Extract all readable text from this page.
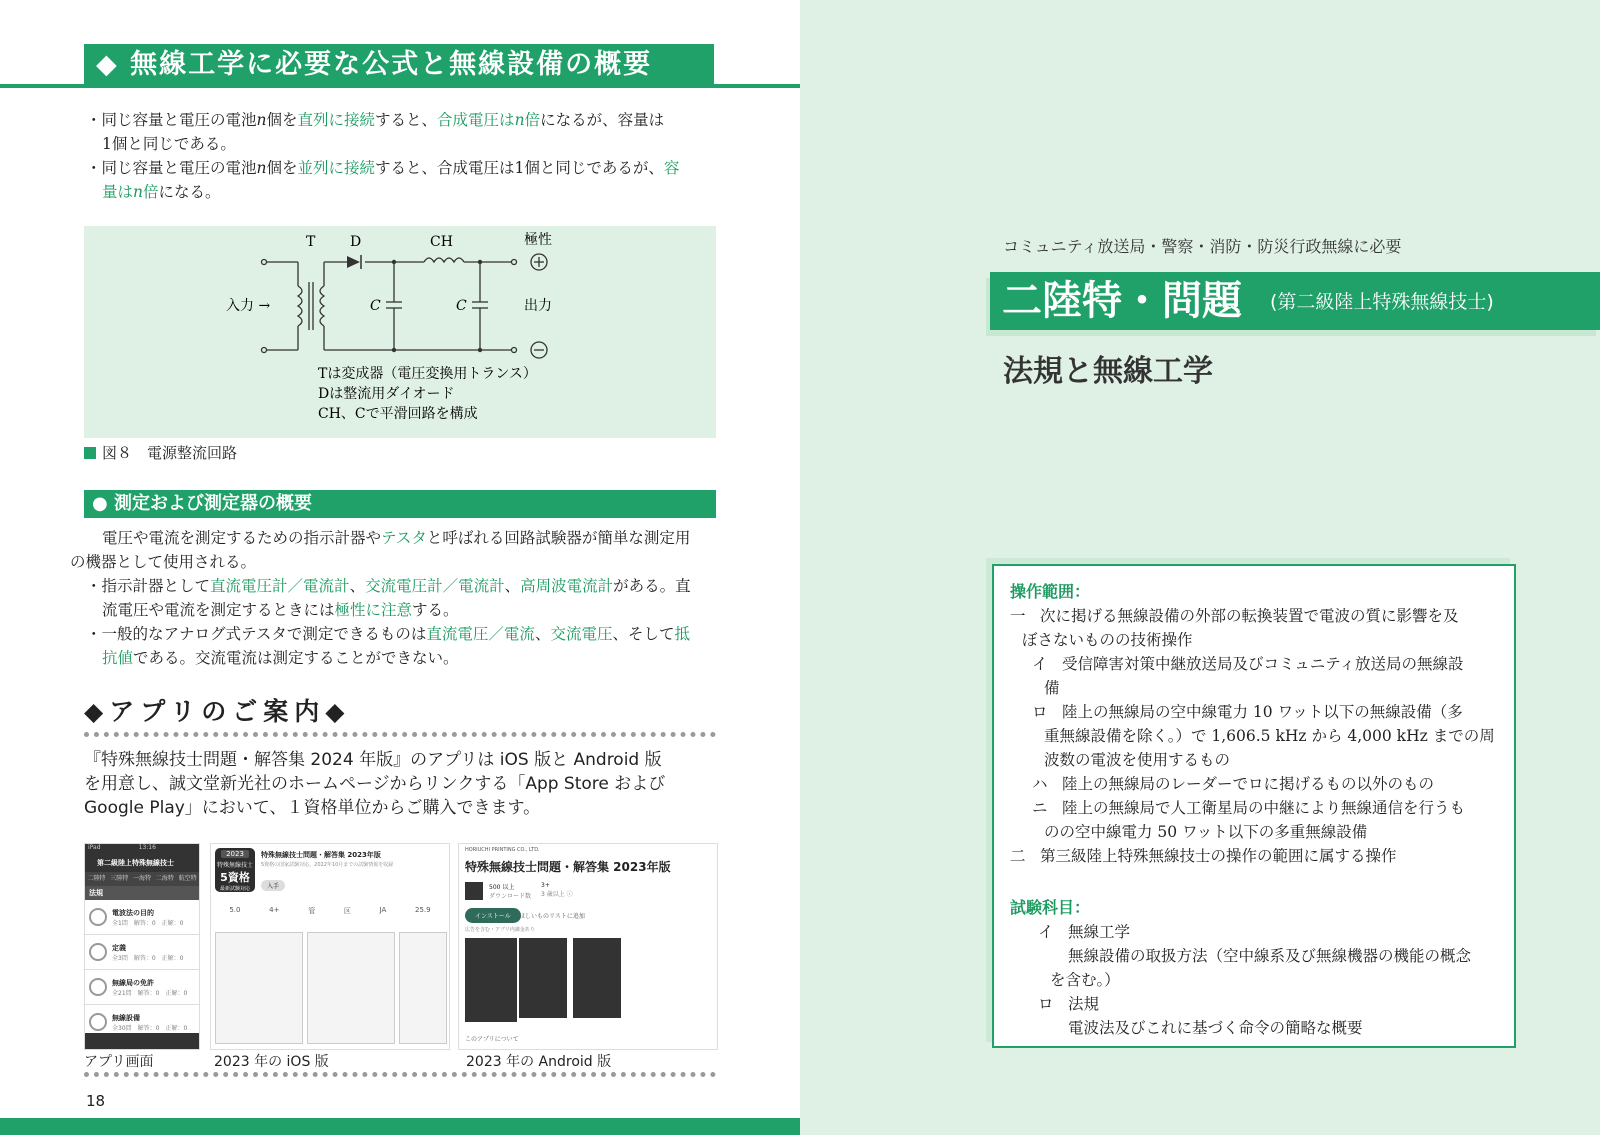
◆ 無線工学に必要な公式と無線設備の概要

・同じ容量と電圧の電池n個を直列に接続すると、合成電圧はn倍になるが、容量は
1個と同じである。

・同じ容量と電圧の電池n個を並列に接続すると、合成電圧は1個と同じであるが、容
量はn倍になる。

T D	CH	極性
入力 →	C	C	出力
Tは変成器（電圧変換用トランス）
Dは整流用ダイオード
CH、Cで平滑回路を構成
図８　電源整流回路
● 測定および測定器の概要

電圧や電流を測定するための指示計器やテスタと呼ばれる回路試験器が簡単な測定用
の機器として使用される。

・指示計器として直流電圧計／電流計、交流電圧計／電流計、高周波電流計がある。直
流電圧や電流を測定するときには極性に注意する。

・一般的なアナログ式テスタで測定できるものは直流電圧／電流、交流電圧、そして抵
抗値である。交流電流は測定することができない。

◆アプリのご案内◆

『特殊無線技士問題・解答集 2024 年版』のアプリは iOS 版と Android 版

を用意し、誠文堂新光社のホームページからリンクする「App Store および

Google Play」において、１資格単位からご購入できます。

iPad	13:16

第二級陸上特殊無線技士
二陸特 三陸特 一海特 二海特 航空特
法規
電波法の目的
全1問　解答：0　正解：0
定義
全3問　解答：0　正解：0
無線局の免許
全21問　解答：0　正解：0
無線設備
全30問　解答：0　正解：0
2023
特殊無線技士
5資格
最新試験対応
特殊無線技士問題・解答集 2023年版
5資格の国家試験対応。2022年10月までの試験情報を収録
入手
5.0	4+	管	区	JA	25.9
HORIUCHI PRINTING CO., LTD.
特殊無線技士問題・解答集 2023年版
500 以上
ダウンロード数
3+
3 歳以上 ⓘ
インストール	ほしいものリストに追加
広告を含む・アプリ内課金あり
このアプリについて
アプリ画面	2023 年の iOS 版	2023 年の Android 版
18
コミュニティ放送局・警察・消防・防災行政無線に必要
二陸特・問題 (第二級陸上特殊無線技士)
法規と無線工学
操作範囲：
一 次に掲げる無線設備の外部の転換装置で電波の質に影響を及
ぼさないものの技術操作
イ 受信障害対策中継放送局及びコミュニティ放送局の無線設
備
ロ 陸上の無線局の空中線電力 10 ワット以下の無線設備（多
重無線設備を除く。）で 1,606.5 kHz から 4,000 kHz までの周
波数の電波を使用するもの
ハ 陸上の無線局のレーダーでロに掲げるもの以外のもの
ニ 陸上の無線局で人工衛星局の中継により無線通信を行うも
のの空中線電力 50 ワット以下の多重無線設備
二 第三級陸上特殊無線技士の操作の範囲に属する操作
試験科目：
イ 無線工学
無線設備の取扱方法（空中線系及び無線機器の機能の概念
を含む。）
ロ 法規
電波法及びこれに基づく命令の簡略な概要
